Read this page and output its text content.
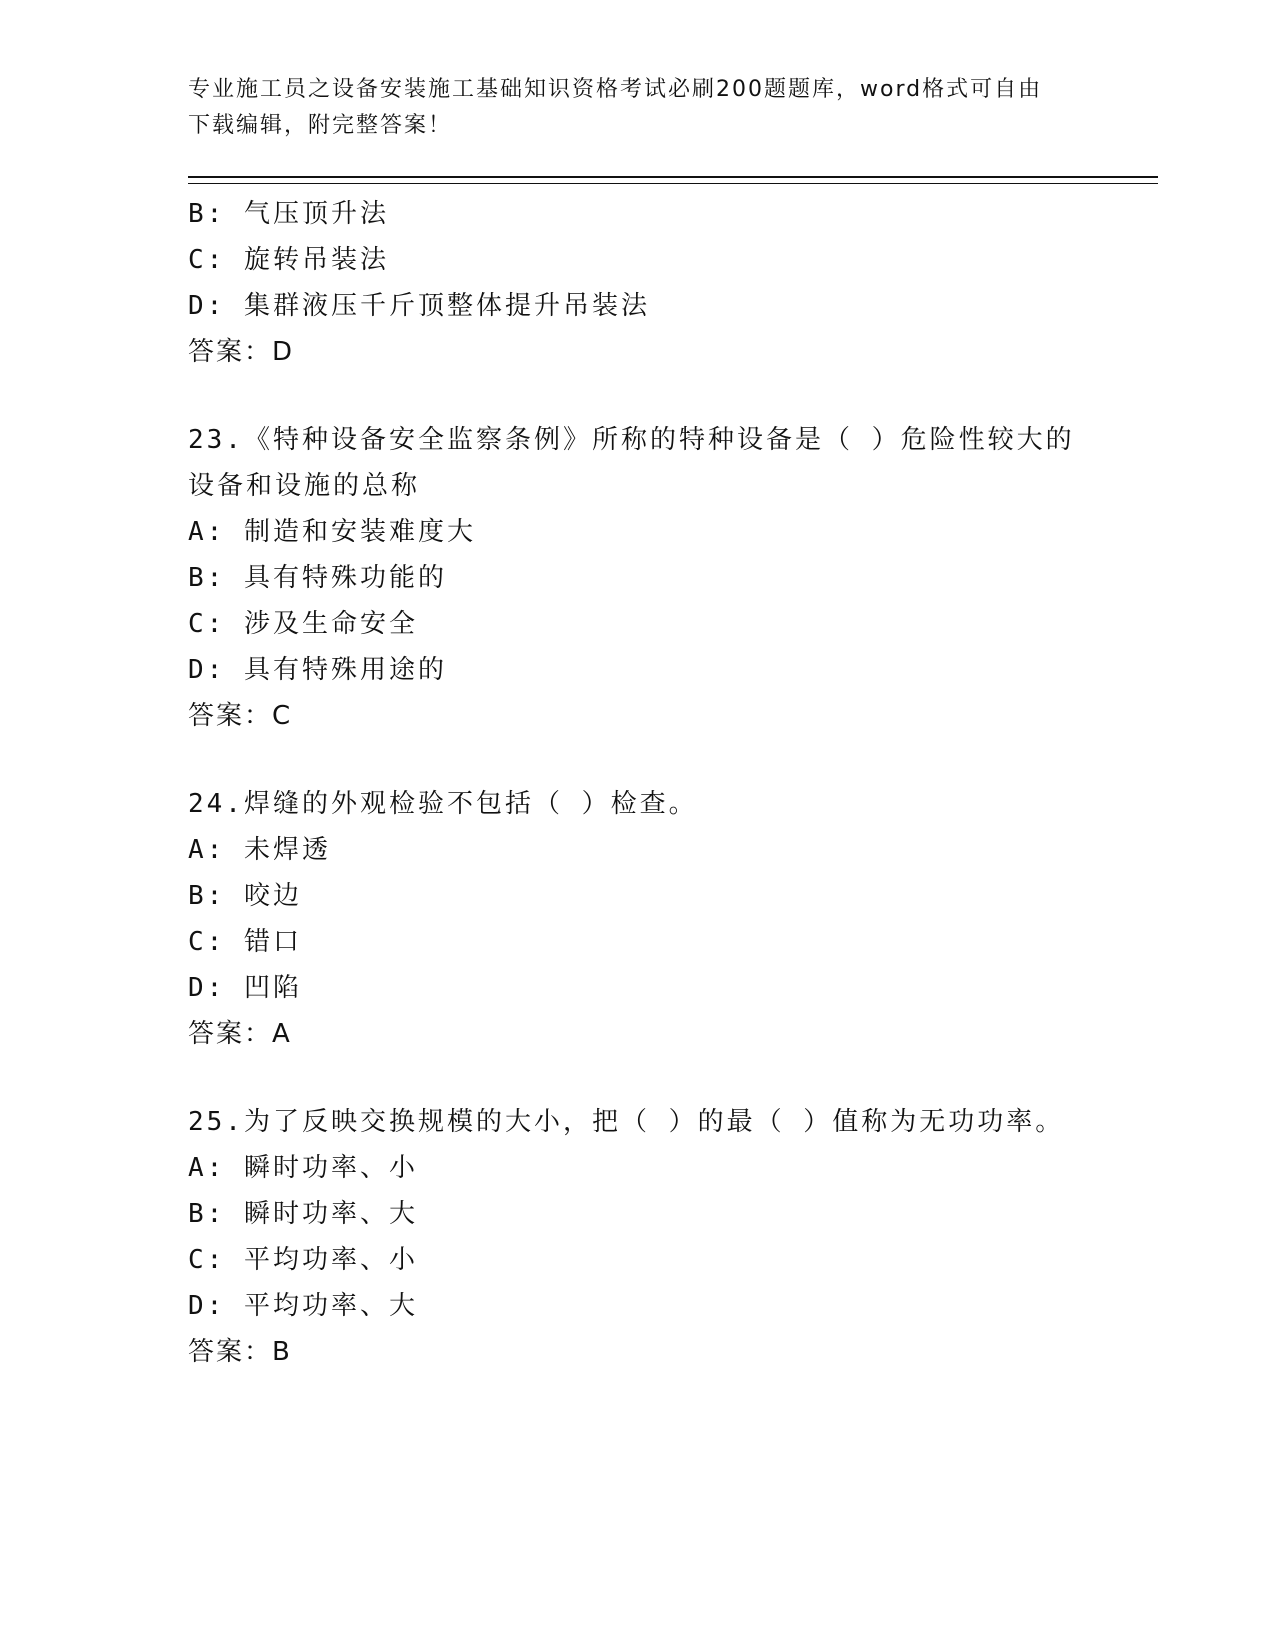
专业施工员之设备安装施工基础知识资格考试必刷200题题库，word格式可自由
下载编辑，附完整答案！
B: 气压顶升法
C: 旋转吊装法
D: 集群液压千斤顶整体提升吊装法
答案：D
23.《特种设备安全监察条例》所称的特种设备是（ ）危险性较大的
设备和设施的总称
A: 制造和安装难度大
B: 具有特殊功能的
C: 涉及生命安全
D: 具有特殊用途的
答案：C
24.焊缝的外观检验不包括（ ）检查。
A: 未焊透
B: 咬边
C: 错口
D: 凹陷
答案：A
25.为了反映交换规模的大小，把（ ）的最（ ）值称为无功功率。
A: 瞬时功率、小
B: 瞬时功率、大
C: 平均功率、小
D: 平均功率、大
答案：B
